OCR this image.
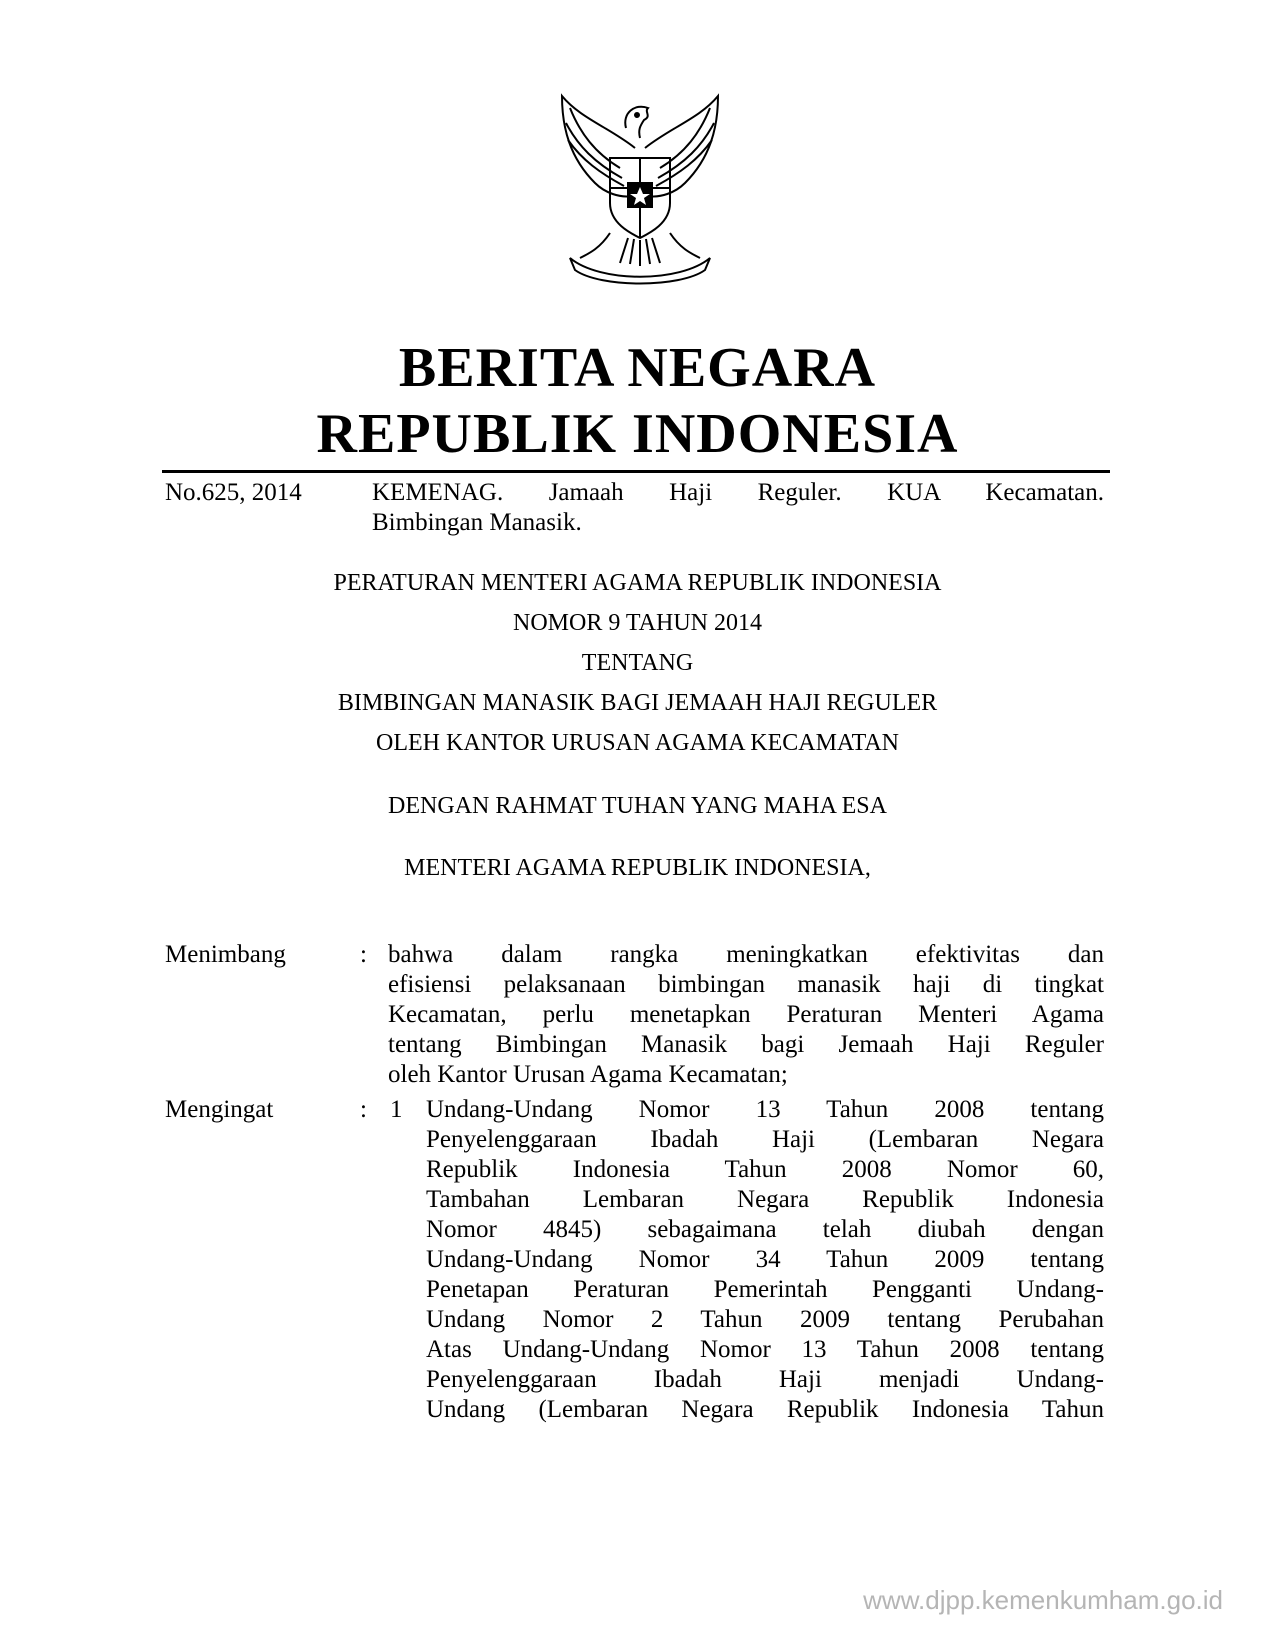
BERITA NEGARA
REPUBLIK INDONESIA
No.625, 2014	KEMENAG. Jamaah Haji Reguler. KUA Kecamatan.
Bimbingan Manasik.
PERATURAN MENTERI AGAMA REPUBLIK INDONESIA
NOMOR 9 TAHUN 2014
TENTANG
BIMBINGAN MANASIK BAGI JEMAAH HAJI REGULER
OLEH KANTOR URUSAN AGAMA KECAMATAN
DENGAN RAHMAT TUHAN YANG MAHA ESA
MENTERI AGAMA REPUBLIK INDONESIA,
Menimbang	: bahwa dalam rangka meningkatkan efektivitas dan
efisiensi pelaksanaan bimbingan manasik haji di tingkat
Kecamatan, perlu menetapkan Peraturan Menteri Agama
tentang Bimbingan Manasik bagi Jemaah Haji Reguler
oleh Kantor Urusan Agama Kecamatan;
Mengingat	: 1 Undang-Undang Nomor 13 Tahun 2008 tentang
Penyelenggaraan Ibadah Haji (Lembaran Negara
Republik Indonesia Tahun 2008 Nomor 60,
Tambahan Lembaran Negara Republik Indonesia
Nomor 4845) sebagaimana telah diubah dengan
Undang-Undang Nomor 34 Tahun 2009 tentang
Penetapan Peraturan Pemerintah Pengganti Undang-
Undang Nomor 2 Tahun 2009 tentang Perubahan
Atas Undang-Undang Nomor 13 Tahun 2008 tentang
Penyelenggaraan Ibadah Haji menjadi Undang-
Undang (Lembaran Negara Republik Indonesia Tahun
www.djpp.kemenkumham.go.id
